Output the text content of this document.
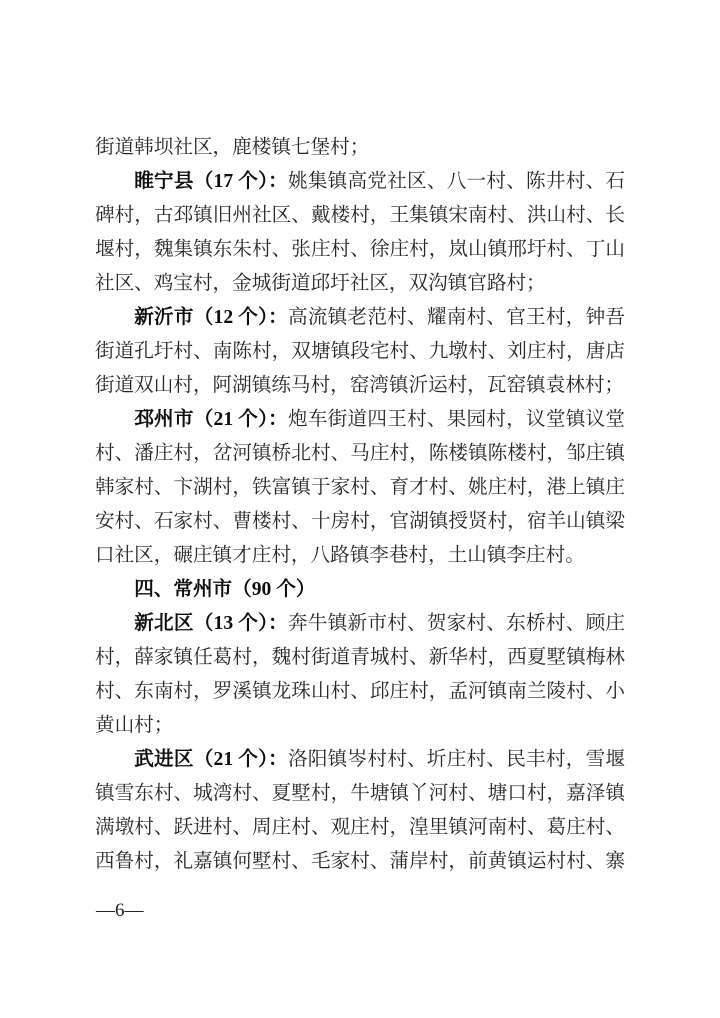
街道韩坝社区，鹿楼镇七堡村；
睢宁县（17 个）：姚集镇高党社区、八一村、陈井村、石
碑村，古邳镇旧州社区、戴楼村，王集镇宋南村、洪山村、长
堰村，魏集镇东朱村、张庄村、徐庄村，岚山镇邢圩村、丁山
社区、鸡宝村，金城街道邱圩社区，双沟镇官路村；
新沂市（12 个）：高流镇老范村、耀南村、官王村，钟吾
街道孔圩村、南陈村，双塘镇段宅村、九墩村、刘庄村，唐店
街道双山村，阿湖镇练马村，窑湾镇沂运村，瓦窑镇袁林村；
邳州市（21 个）：炮车街道四王村、果园村，议堂镇议堂
村、潘庄村，岔河镇桥北村、马庄村，陈楼镇陈楼村，邹庄镇
韩家村、卞湖村，铁富镇于家村、育才村、姚庄村，港上镇庄
安村、石家村、曹楼村、十房村，官湖镇授贤村，宿羊山镇梁
口社区，碾庄镇才庄村，八路镇李巷村，土山镇李庄村。
四、常州市（90 个）
新北区（13 个）：奔牛镇新市村、贺家村、东桥村、顾庄
村，薛家镇任葛村，魏村街道青城村、新华村，西夏墅镇梅林
村、东南村，罗溪镇龙珠山村、邱庄村，孟河镇南兰陵村、小
黄山村；
武进区（21 个）：洛阳镇岑村村、圻庄村、民丰村，雪堰
镇雪东村、城湾村、夏墅村，牛塘镇丫河村、塘口村，嘉泽镇
满墩村、跃进村、周庄村、观庄村，湟里镇河南村、葛庄村、
西鲁村，礼嘉镇何墅村、毛家村、蒲岸村，前黄镇运村村、寨
—6—
